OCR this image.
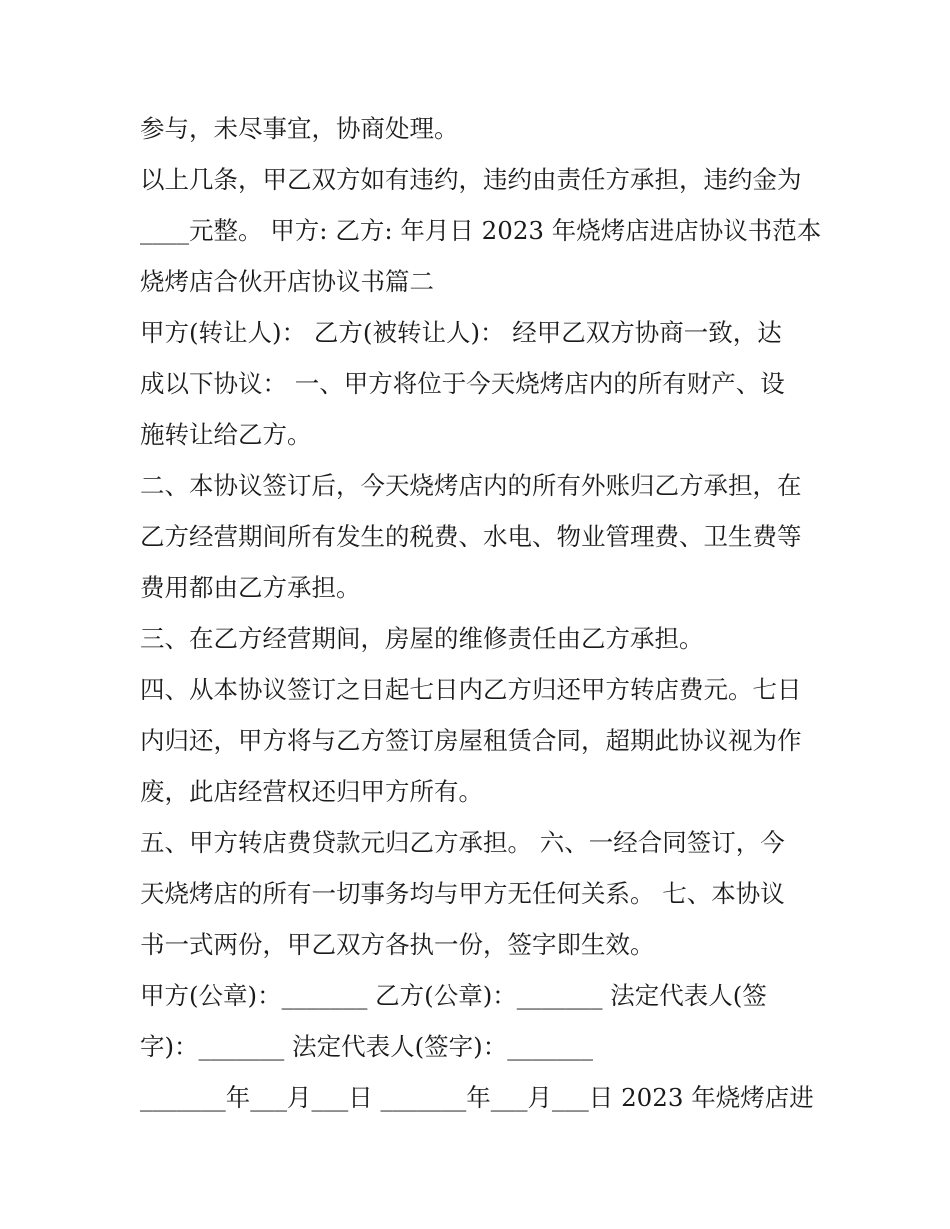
参与，未尽事宜，协商处理。
以上几条，甲乙双方如有违约，违约由责任方承担，违约金为
____元整。 甲方: 乙方: 年月日 2023 年烧烤店进店协议书范本
烧烤店合伙开店协议书篇二
甲方(转让人)： 乙方(被转让人)： 经甲乙双方协商一致，达
成以下协议： 一、甲方将位于今天烧烤店内的所有财产、设
施转让给乙方。
二、本协议签订后，今天烧烤店内的所有外账归乙方承担，在
乙方经营期间所有发生的税费、水电、物业管理费、卫生费等
费用都由乙方承担。
三、在乙方经营期间，房屋的维修责任由乙方承担。
四、从本协议签订之日起七日内乙方归还甲方转店费元。七日
内归还，甲方将与乙方签订房屋租赁合同，超期此协议视为作
废，此店经营权还归甲方所有。
五、甲方转店费贷款元归乙方承担。 六、一经合同签订，今
天烧烤店的所有一切事务均与甲方无任何关系。 七、本协议
书一式两份，甲乙双方各执一份，签字即生效。
甲方(公章)：_______ 乙方(公章)：_______ 法定代表人(签
字)：_______ 法定代表人(签字)：_______
_______年___月___日 _______年___月___日 2023 年烧烤店进
